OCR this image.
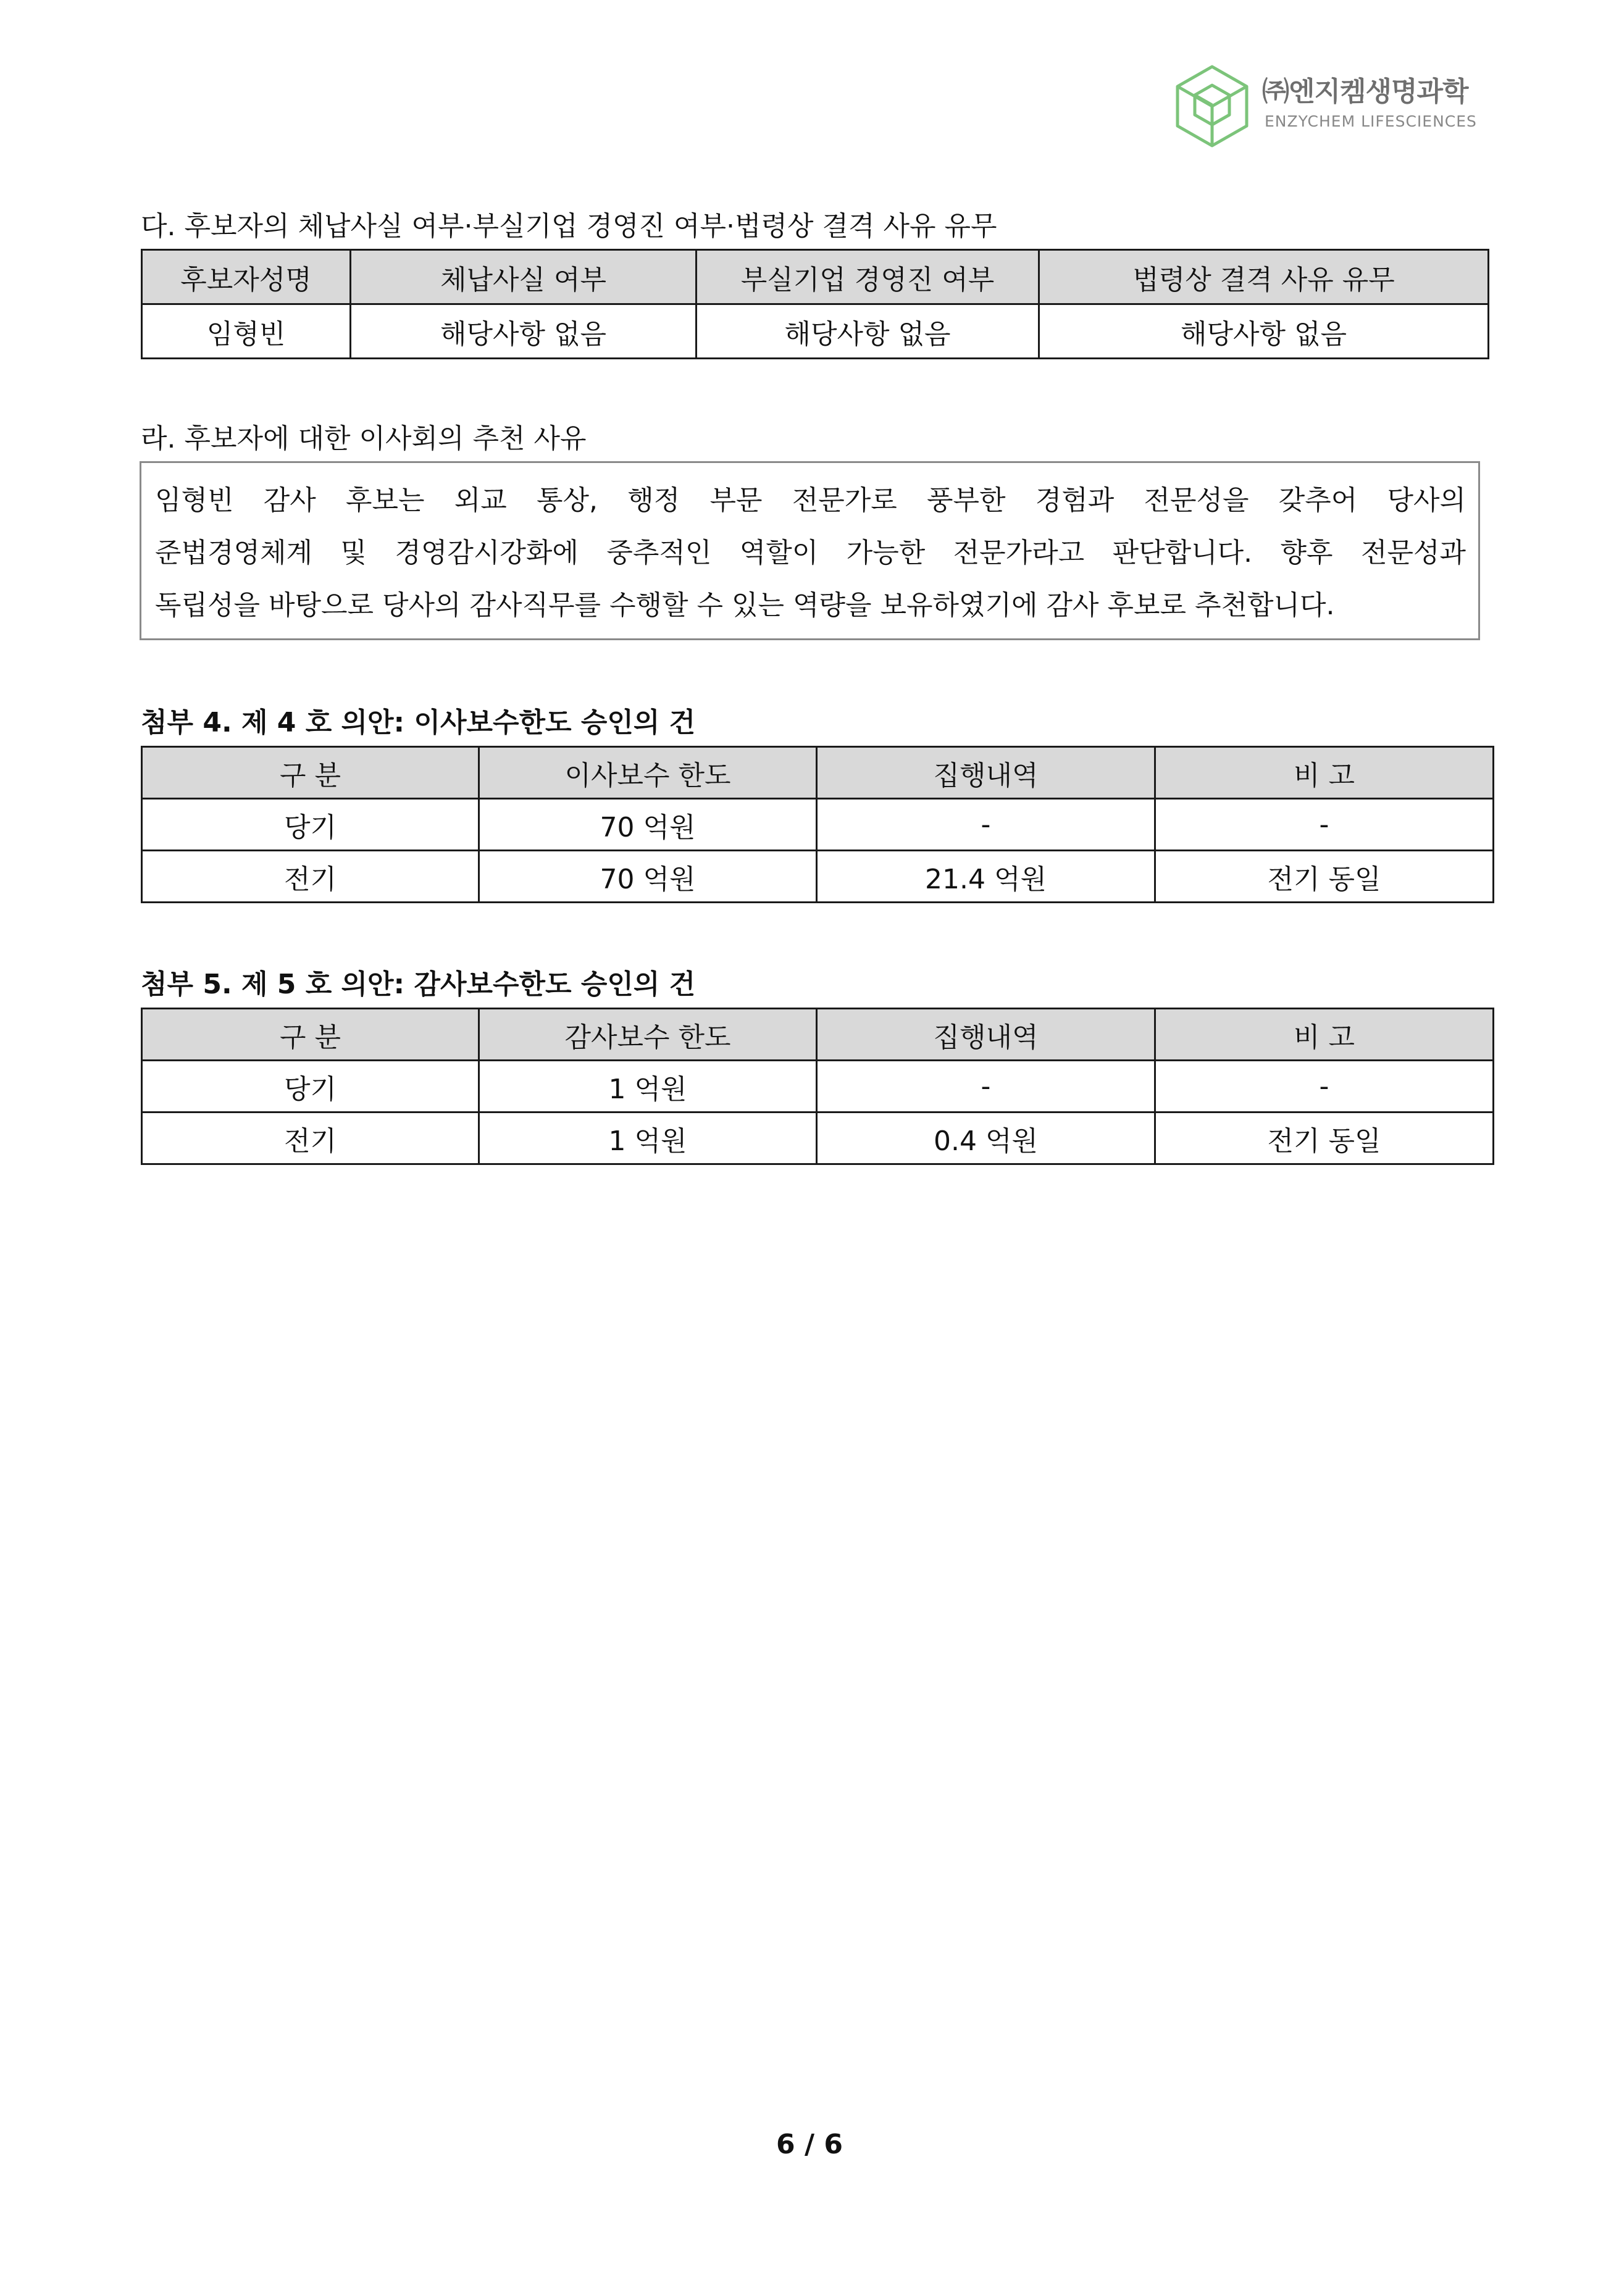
㈜엔지켐생명과학
ENZYCHEM LIFESCIENCES
다. 후보자의 체납사실 여부·부실기업 경영진 여부·법령상 결격 사유 유무
후보자성명	체납사실 여부	부실기업 경영진 여부	법령상 결격 사유 유무
임형빈	해당사항 없음	해당사항 없음	해당사항 없음
라. 후보자에 대한 이사회의 추천 사유
임형빈 감사 후보는 외교 통상, 행정 부문 전문가로 풍부한 경험과 전문성을 갖추어 당사의
준법경영체계 및 경영감시강화에 중추적인 역할이 가능한 전문가라고 판단합니다. 향후 전문성과
독립성을 바탕으로 당사의 감사직무를 수행할 수 있는 역량을 보유하였기에 감사 후보로 추천합니다.
첨부 4. 제 4 호 의안: 이사보수한도 승인의 건
구 분	이사보수 한도	집행내역	비 고
당기	70 억원	-	-
전기	70 억원	21.4 억원	전기 동일
첨부 5. 제 5 호 의안: 감사보수한도 승인의 건
구 분	감사보수 한도	집행내역	비 고
당기	1 억원	-	-
전기	1 억원	0.4 억원	전기 동일
6 / 6
